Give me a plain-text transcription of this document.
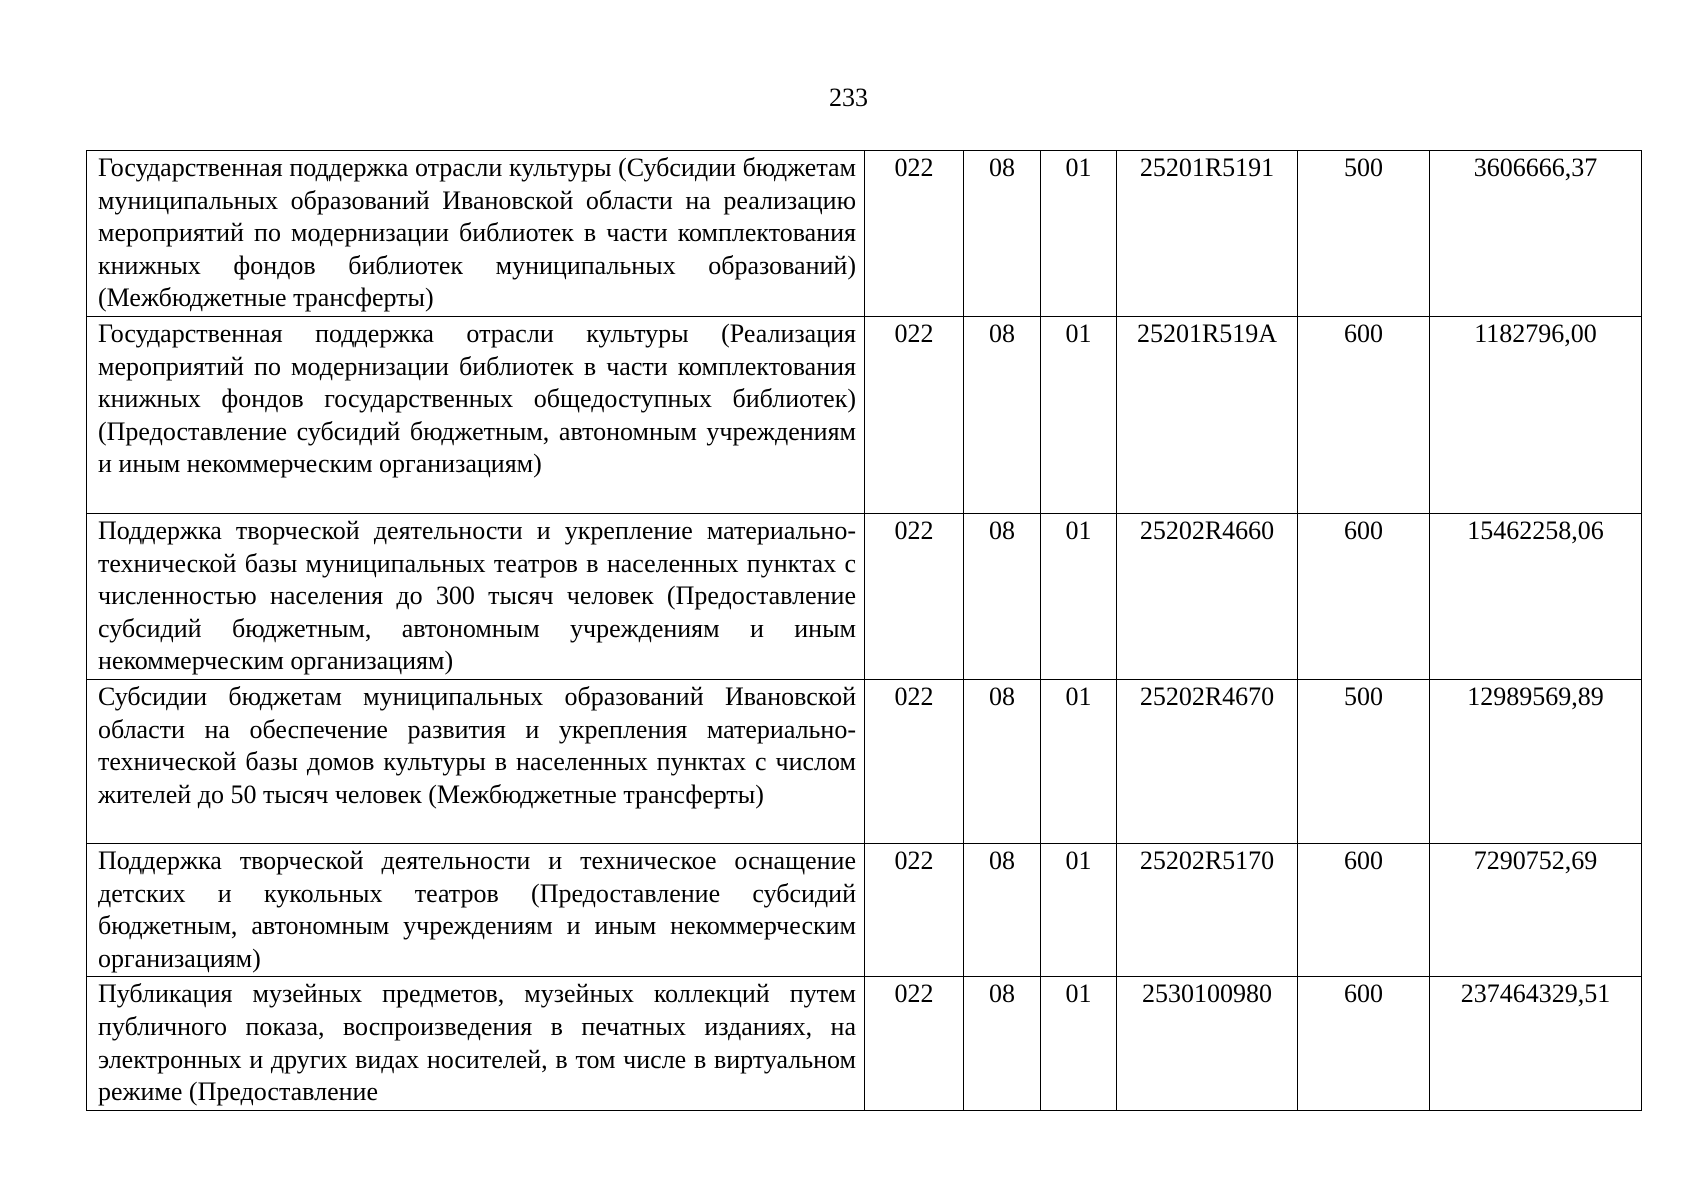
233
Государственная поддержка отрасли культуры (Субсидии бюджетам муниципальных образований Ивановской области на реализацию мероприятий по модернизации библиотек в части комплектования книжных фондов библиотек муниципальных образований) (Межбюджетные трансферты)	022	08	01	25201R5191	500	3606666,37
Государственная поддержка отрасли культуры (Реализация мероприятий по модернизации библиотек в части комплектования книжных фондов государственных общедоступных библиотек) (Предоставление субсидий бюджетным, автономным учреждениям и иным некоммерческим организациям)	022	08	01	25201R519A	600	1182796,00
Поддержка творческой деятельности и укрепление материально-технической базы муниципальных театров в населенных пунктах с численностью населения до 300 тысяч человек (Предоставление субсидий бюджетным, автономным учреждениям и иным некоммерческим организациям)	022	08	01	25202R4660	600	15462258,06
Субсидии бюджетам муниципальных образований Ивановской области на обеспечение развития и укрепления материально-технической базы домов культуры в населенных пунктах с числом жителей до 50 тысяч человек (Межбюджетные трансферты)	022	08	01	25202R4670	500	12989569,89
Поддержка творческой деятельности и техническое оснащение детских и кукольных театров (Предоставление субсидий бюджетным, автономным учреждениям и иным некоммерческим организациям)	022	08	01	25202R5170	600	7290752,69
Публикация музейных предметов, музейных коллекций путем публичного показа, воспроизведения в печатных изданиях, на электронных и других видах носителей, в том числе в виртуальном режиме (Предоставление	022	08	01	2530100980	600	237464329,51
